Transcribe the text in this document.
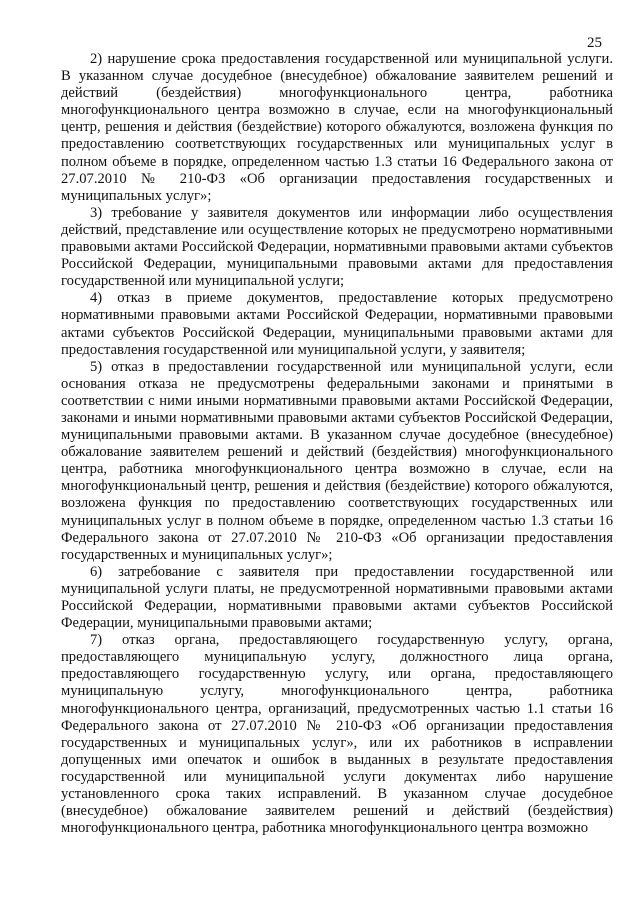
25

2) нарушение срока предоставления государственной или муниципальной услуги. В указанном случае досудебное (внесудебное) обжалование заявителем решений и действий (бездействия) многофункционального центра, работника многофункционального центра возможно в случае, если на многофункциональный центр, решения и действия (бездействие) которого обжалуются, возложена функция по предоставлению соответствующих государственных или муниципальных услуг в полном объеме в порядке, определенном частью 1.3 статьи 16 Федерального закона от 27.07.2010 № 210-ФЗ «Об организации предоставления государственных и муниципальных услуг»;

3) требование у заявителя документов или информации либо осуществления действий, представление или осуществление которых не предусмотрено нормативными правовыми актами Российской Федерации, нормативными правовыми актами субъектов Российской Федерации, муниципальными правовыми актами для предоставления государственной или муниципальной услуги;

4) отказ в приеме документов, предоставление которых предусмотрено нормативными правовыми актами Российской Федерации, нормативными правовыми актами субъектов Российской Федерации, муниципальными правовыми актами для предоставления государственной или муниципальной услуги, у заявителя;

5) отказ в предоставлении государственной или муниципальной услуги, если основания отказа не предусмотрены федеральными законами и принятыми в соответствии с ними иными нормативными правовыми актами Российской Федерации, законами и иными нормативными правовыми актами субъектов Российской Федерации, муниципальными правовыми актами. В указанном случае досудебное (внесудебное) обжалование заявителем решений и действий (бездействия) многофункционального центра, работника многофункционального центра возможно в случае, если на многофункциональный центр, решения и действия (бездействие) которого обжалуются, возложена функция по предоставлению соответствующих государственных или муниципальных услуг в полном объеме в порядке, определенном частью 1.3 статьи 16 Федерального закона от 27.07.2010 № 210-ФЗ «Об организации предоставления государственных и муниципальных услуг»;

6) затребование с заявителя при предоставлении государственной или муниципальной услуги платы, не предусмотренной нормативными правовыми актами Российской Федерации, нормативными правовыми актами субъектов Российской Федерации, муниципальными правовыми актами;

7) отказ органа, предоставляющего государственную услугу, органа, предоставляющего муниципальную услугу, должностного лица органа, предоставляющего государственную услугу, или органа, предоставляющего муниципальную услугу, многофункционального центра, работника многофункционального центра, организаций, предусмотренных частью 1.1 статьи 16 Федерального закона от 27.07.2010 № 210-ФЗ «Об организации предоставления государственных и муниципальных услуг», или их работников в исправлении допущенных ими опечаток и ошибок в выданных в результате предоставления государственной или муниципальной услуги документах либо нарушение установленного срока таких исправлений. В указанном случае досудебное (внесудебное) обжалование заявителем решений и действий (бездействия) многофункционального центра, работника многофункционального центра возможно
